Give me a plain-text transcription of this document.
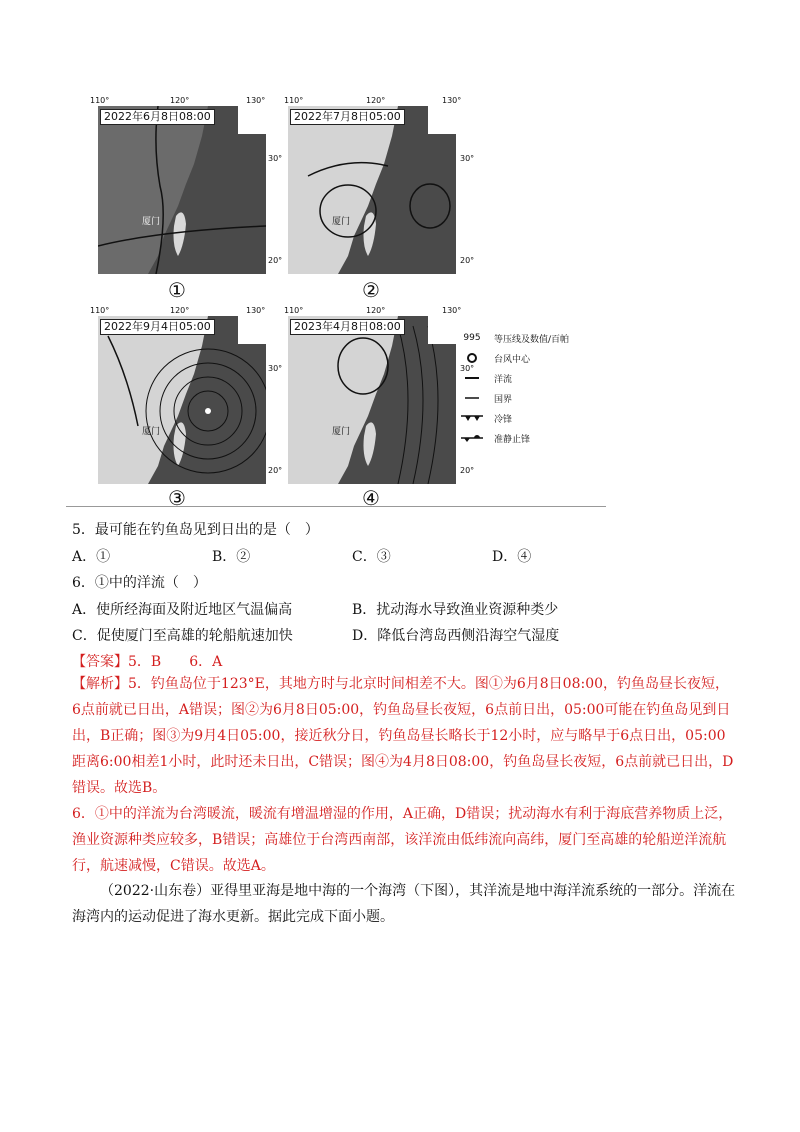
2022年6月8日08:00
厦门
110°	120°	130°
30°
20°
①
2022年7月8日05:00
厦门
110°	120°	130°
30°
20°
②
2022年9月4日05:00
厦门
110°	120°	130°
30°
20°
③
2023年4月8日08:00
厦门
110°	120°	130°
30°
20°
④
995 等压线及数值/百帕
台风中心
洋流
国界
冷锋
准静止锋
5．最可能在钓鱼岛见到日出的是（　）
A．①	B．②	C．③	D．④
6．①中的洋流（　）
A．使所经海面及附近地区气温偏高	B．扰动海水导致渔业资源种类少
C．促使厦门至高雄的轮船航速加快	D．降低台湾岛西侧沿海空气湿度
【答案】5．B　　6．A
【解析】5．钓鱼岛位于123°E，其地方时与北京时间相差不大。图①为6月8日08:00，钓鱼岛昼长夜短，6点前就已日出，A错误；图②为6月8日05:00，钓鱼岛昼长夜短，6点前日出，05:00可能在钓鱼岛见到日出，B正确；图③为9月4日05:00，接近秋分日，钓鱼岛昼长略长于12小时，应与略早于6点日出，05:00距离6:00相差1小时，此时还未日出，C错误；图④为4月8日08:00，钓鱼岛昼长夜短，6点前就已日出，D错误。故选B。
6．①中的洋流为台湾暖流，暖流有增温增湿的作用，A正确，D错误；扰动海水有利于海底营养物质上泛，渔业资源种类应较多，B错误；高雄位于台湾西南部，该洋流由低纬流向高纬，厦门至高雄的轮船逆洋流航行，航速减慢，C错误。故选A。
（2022·山东卷）亚得里亚海是地中海的一个海湾（下图），其洋流是地中海洋流系统的一部分。洋流在海湾内的运动促进了海水更新。据此完成下面小题。
